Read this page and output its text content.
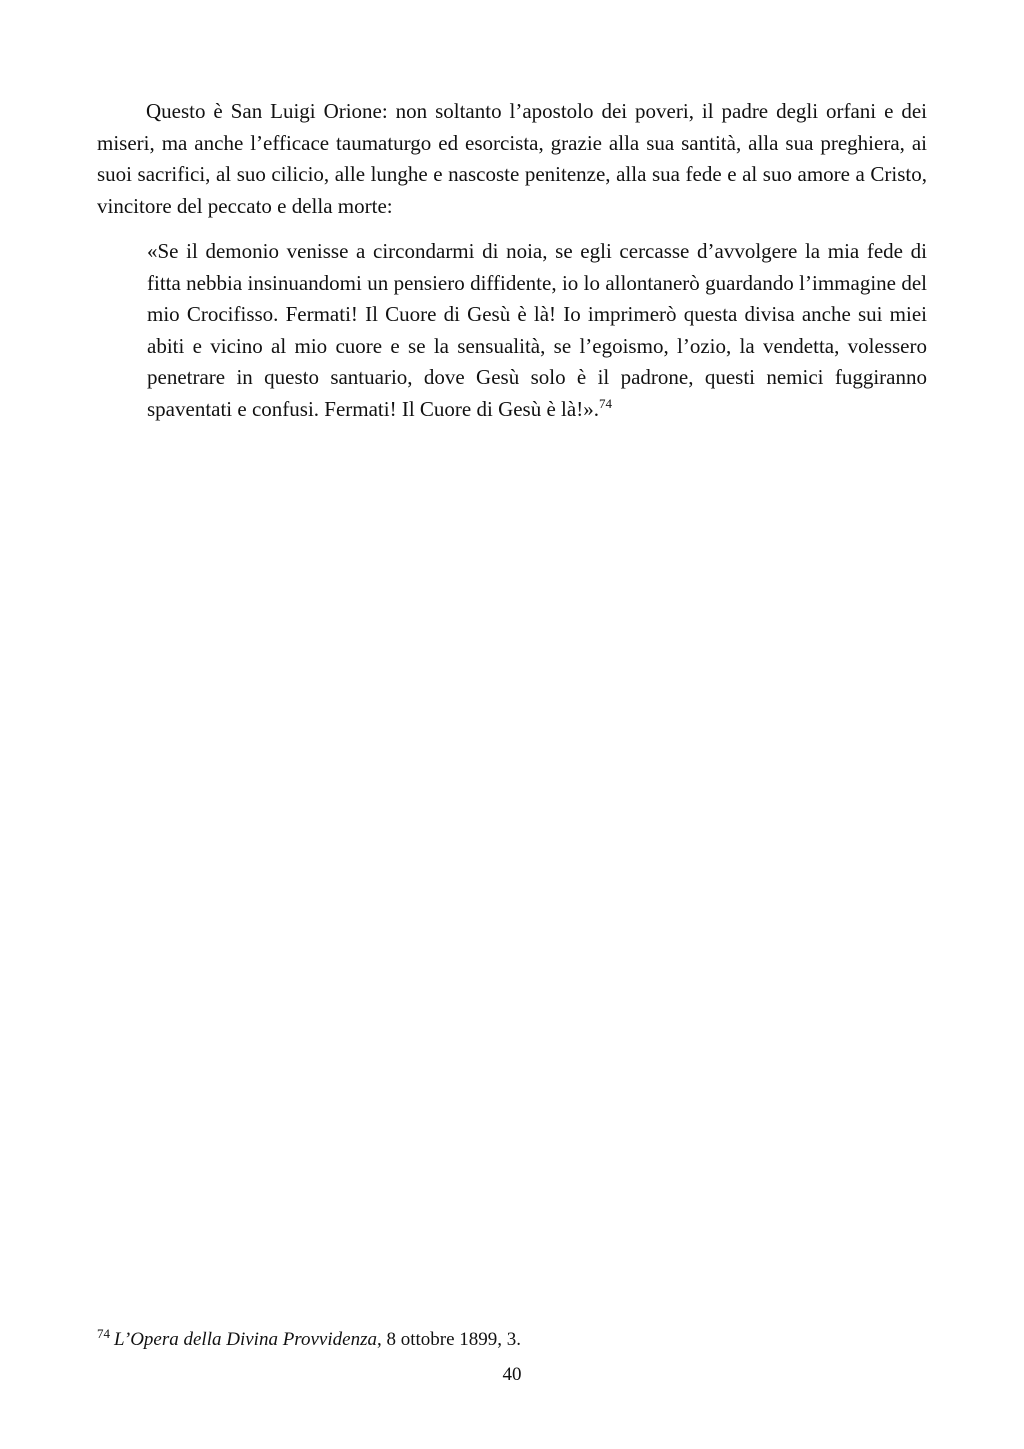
Questo è San Luigi Orione: non soltanto l’apostolo dei poveri, il padre degli orfani e dei miseri, ma anche l’efficace taumaturgo ed esorcista, grazie alla sua santità, alla sua preghiera, ai suoi sacrifici, al suo cilicio, alle lunghe e nascoste penitenze, alla sua fede e al suo amore a Cristo, vincitore del peccato e della morte:

«Se il demonio venisse a circondarmi di noia, se egli cercasse d’avvolgere la mia fede di fitta nebbia insinuandomi un pensiero diffidente, io lo allontanerò guardando l’immagine del mio Crocifisso. Fermati! Il Cuore di Gesù è là! Io imprimerò questa divisa anche sui miei abiti e vicino al mio cuore e se la sensualità, se l’egoismo, l’ozio, la vendetta, volessero penetrare in questo santuario, dove Gesù solo è il padrone, questi nemici fuggiranno spaventati e confusi. Fermati! Il Cuore di Gesù è là!».$^{74}$

$^{74}$ L’Opera della Divina Provvidenza, 8 ottobre 1899, 3.

40
